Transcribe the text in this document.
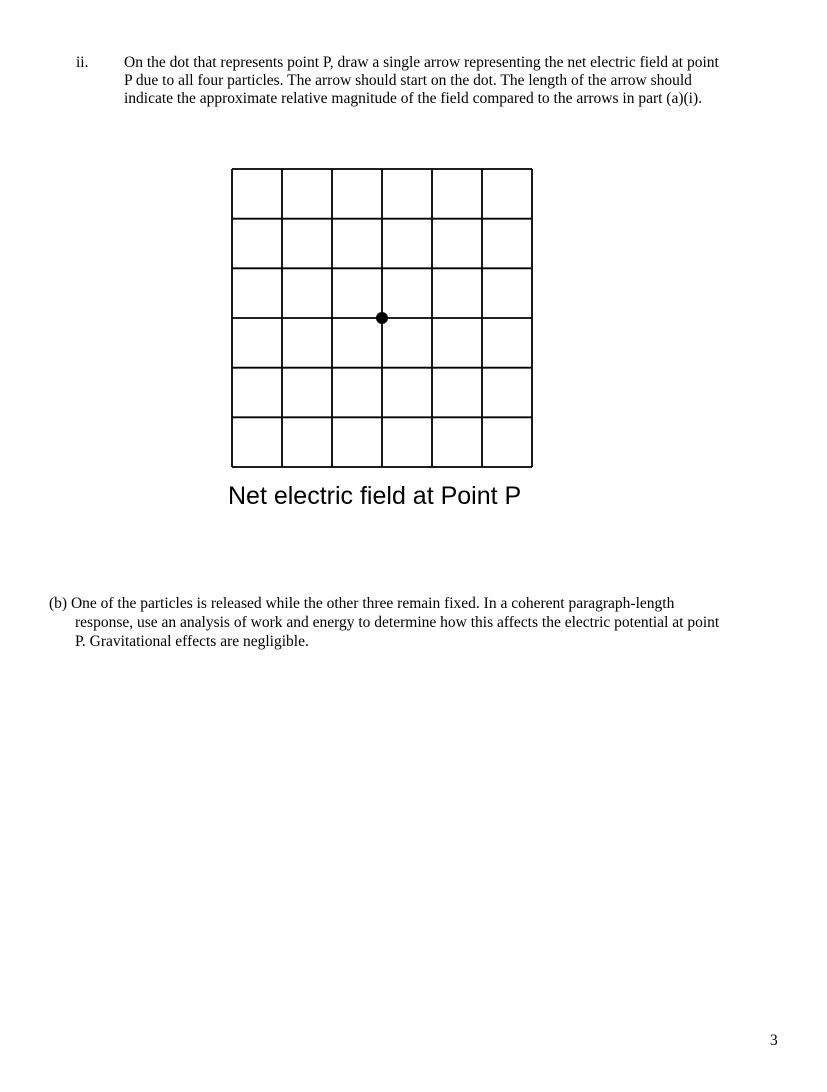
ii. On the dot that represents point P, draw a single arrow representing the net electric field at point
P due to all four particles. The arrow should start on the dot. The length of the arrow should
indicate the approximate relative magnitude of the field compared to the arrows in part (a)(i).
Net electric field at Point P
(b) One of the particles is released while the other three remain fixed. In a coherent paragraph-length
response, use an analysis of work and energy to determine how this affects the electric potential at point
P. Gravitational effects are negligible.
3
